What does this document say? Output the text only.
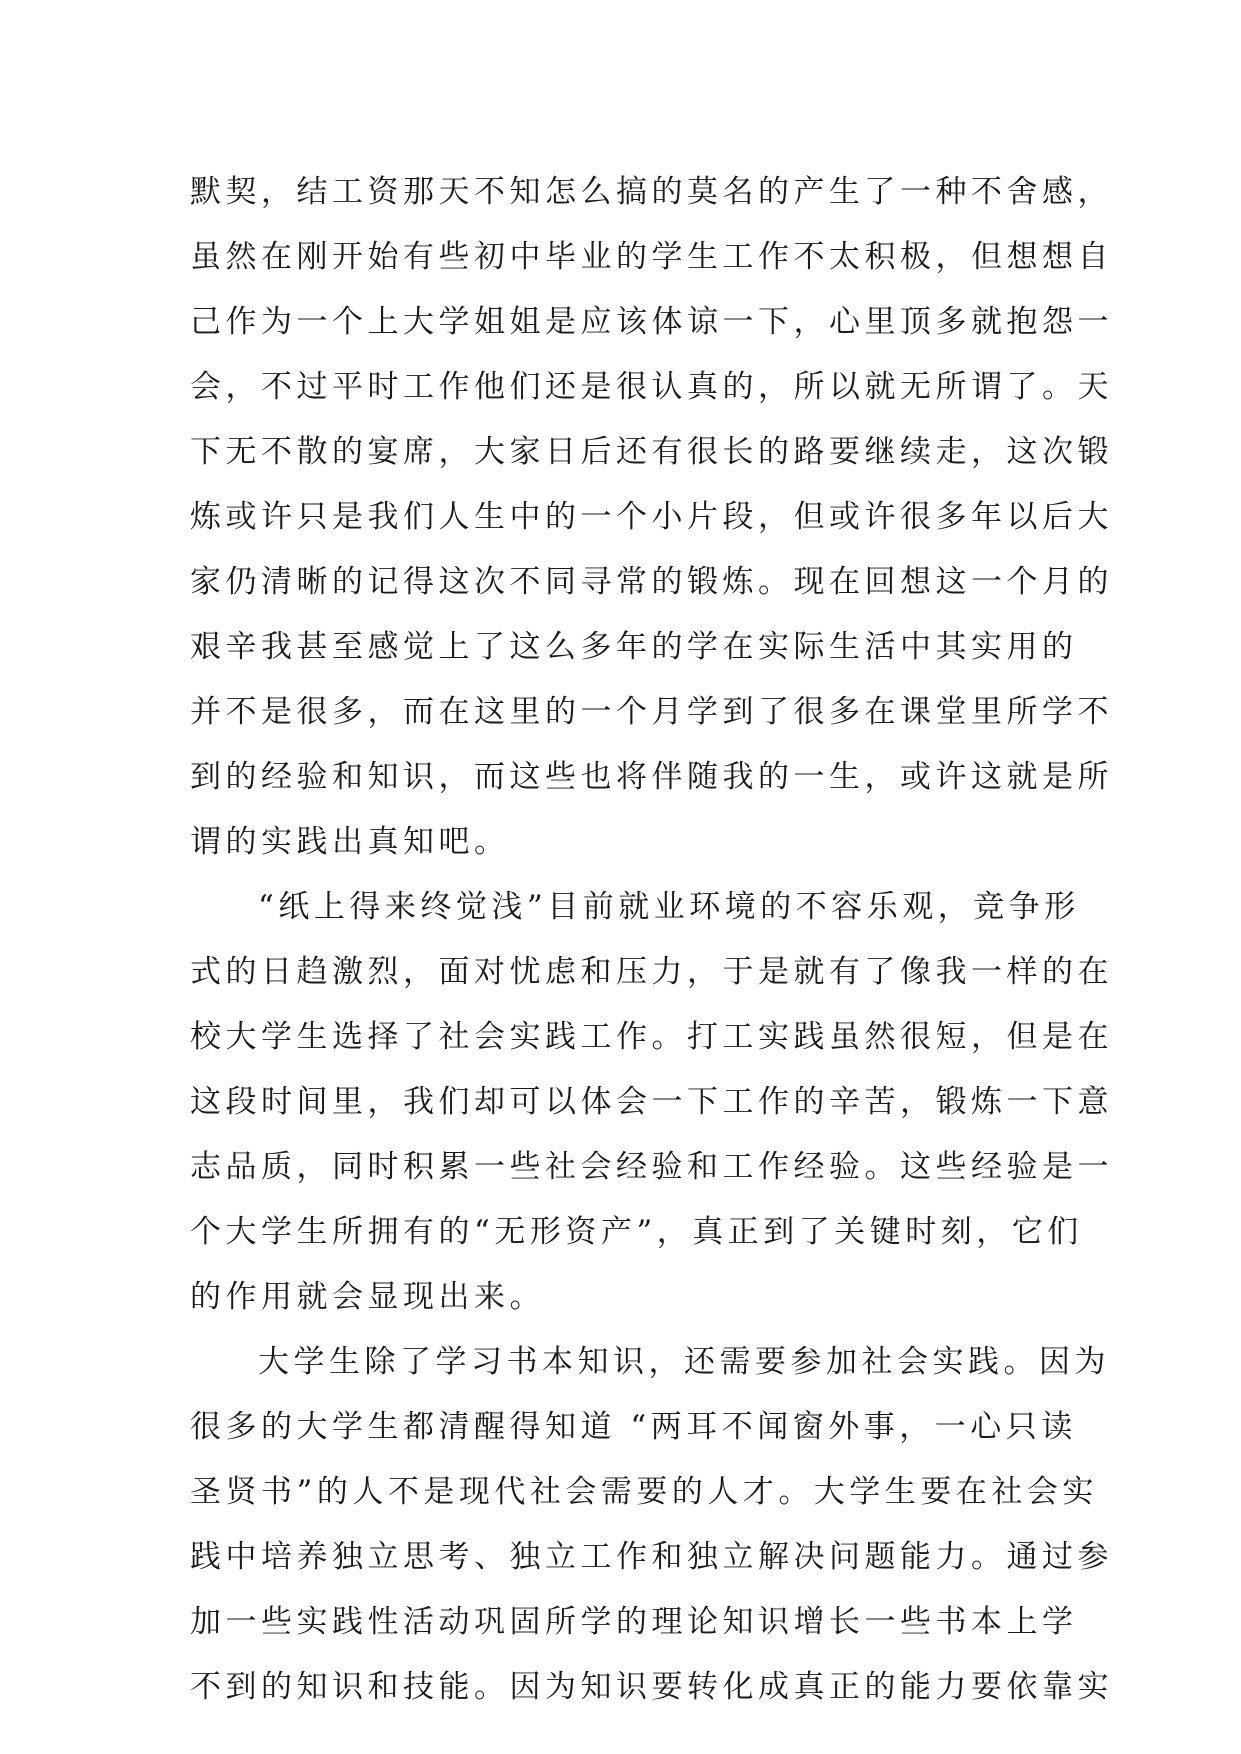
默契，结工资那天不知怎么搞的莫名的产生了一种不舍感，
虽然在刚开始有些初中毕业的学生工作不太积极，但想想自
己作为一个上大学姐姐是应该体谅一下，心里顶多就抱怨一
会，不过平时工作他们还是很认真的，所以就无所谓了。天
下无不散的宴席，大家日后还有很长的路要继续走，这次锻
炼或许只是我们人生中的一个小片段，但或许很多年以后大
家仍清晰的记得这次不同寻常的锻炼。现在回想这一个月的
艰辛我甚至感觉上了这么多年的学在实际生活中其实用的
并不是很多，而在这里的一个月学到了很多在课堂里所学不
到的经验和知识，而这些也将伴随我的一生，或许这就是所
谓的实践出真知吧。
“纸上得来终觉浅”目前就业环境的不容乐观，竞争形
式的日趋激烈，面对忧虑和压力，于是就有了像我一样的在
校大学生选择了社会实践工作。打工实践虽然很短，但是在
这段时间里，我们却可以体会一下工作的辛苦，锻炼一下意
志品质，同时积累一些社会经验和工作经验。这些经验是一
个大学生所拥有的“无形资产”，真正到了关键时刻，它们
的作用就会显现出来。
大学生除了学习书本知识，还需要参加社会实践。因为
很多的大学生都清醒得知道 “两耳不闻窗外事，一心只读
圣贤书”的人不是现代社会需要的人才。大学生要在社会实
践中培养独立思考、独立工作和独立解决问题能力。通过参
加一些实践性活动巩固所学的理论知识增长一些书本上学
不到的知识和技能。因为知识要转化成真正的能力要依靠实
